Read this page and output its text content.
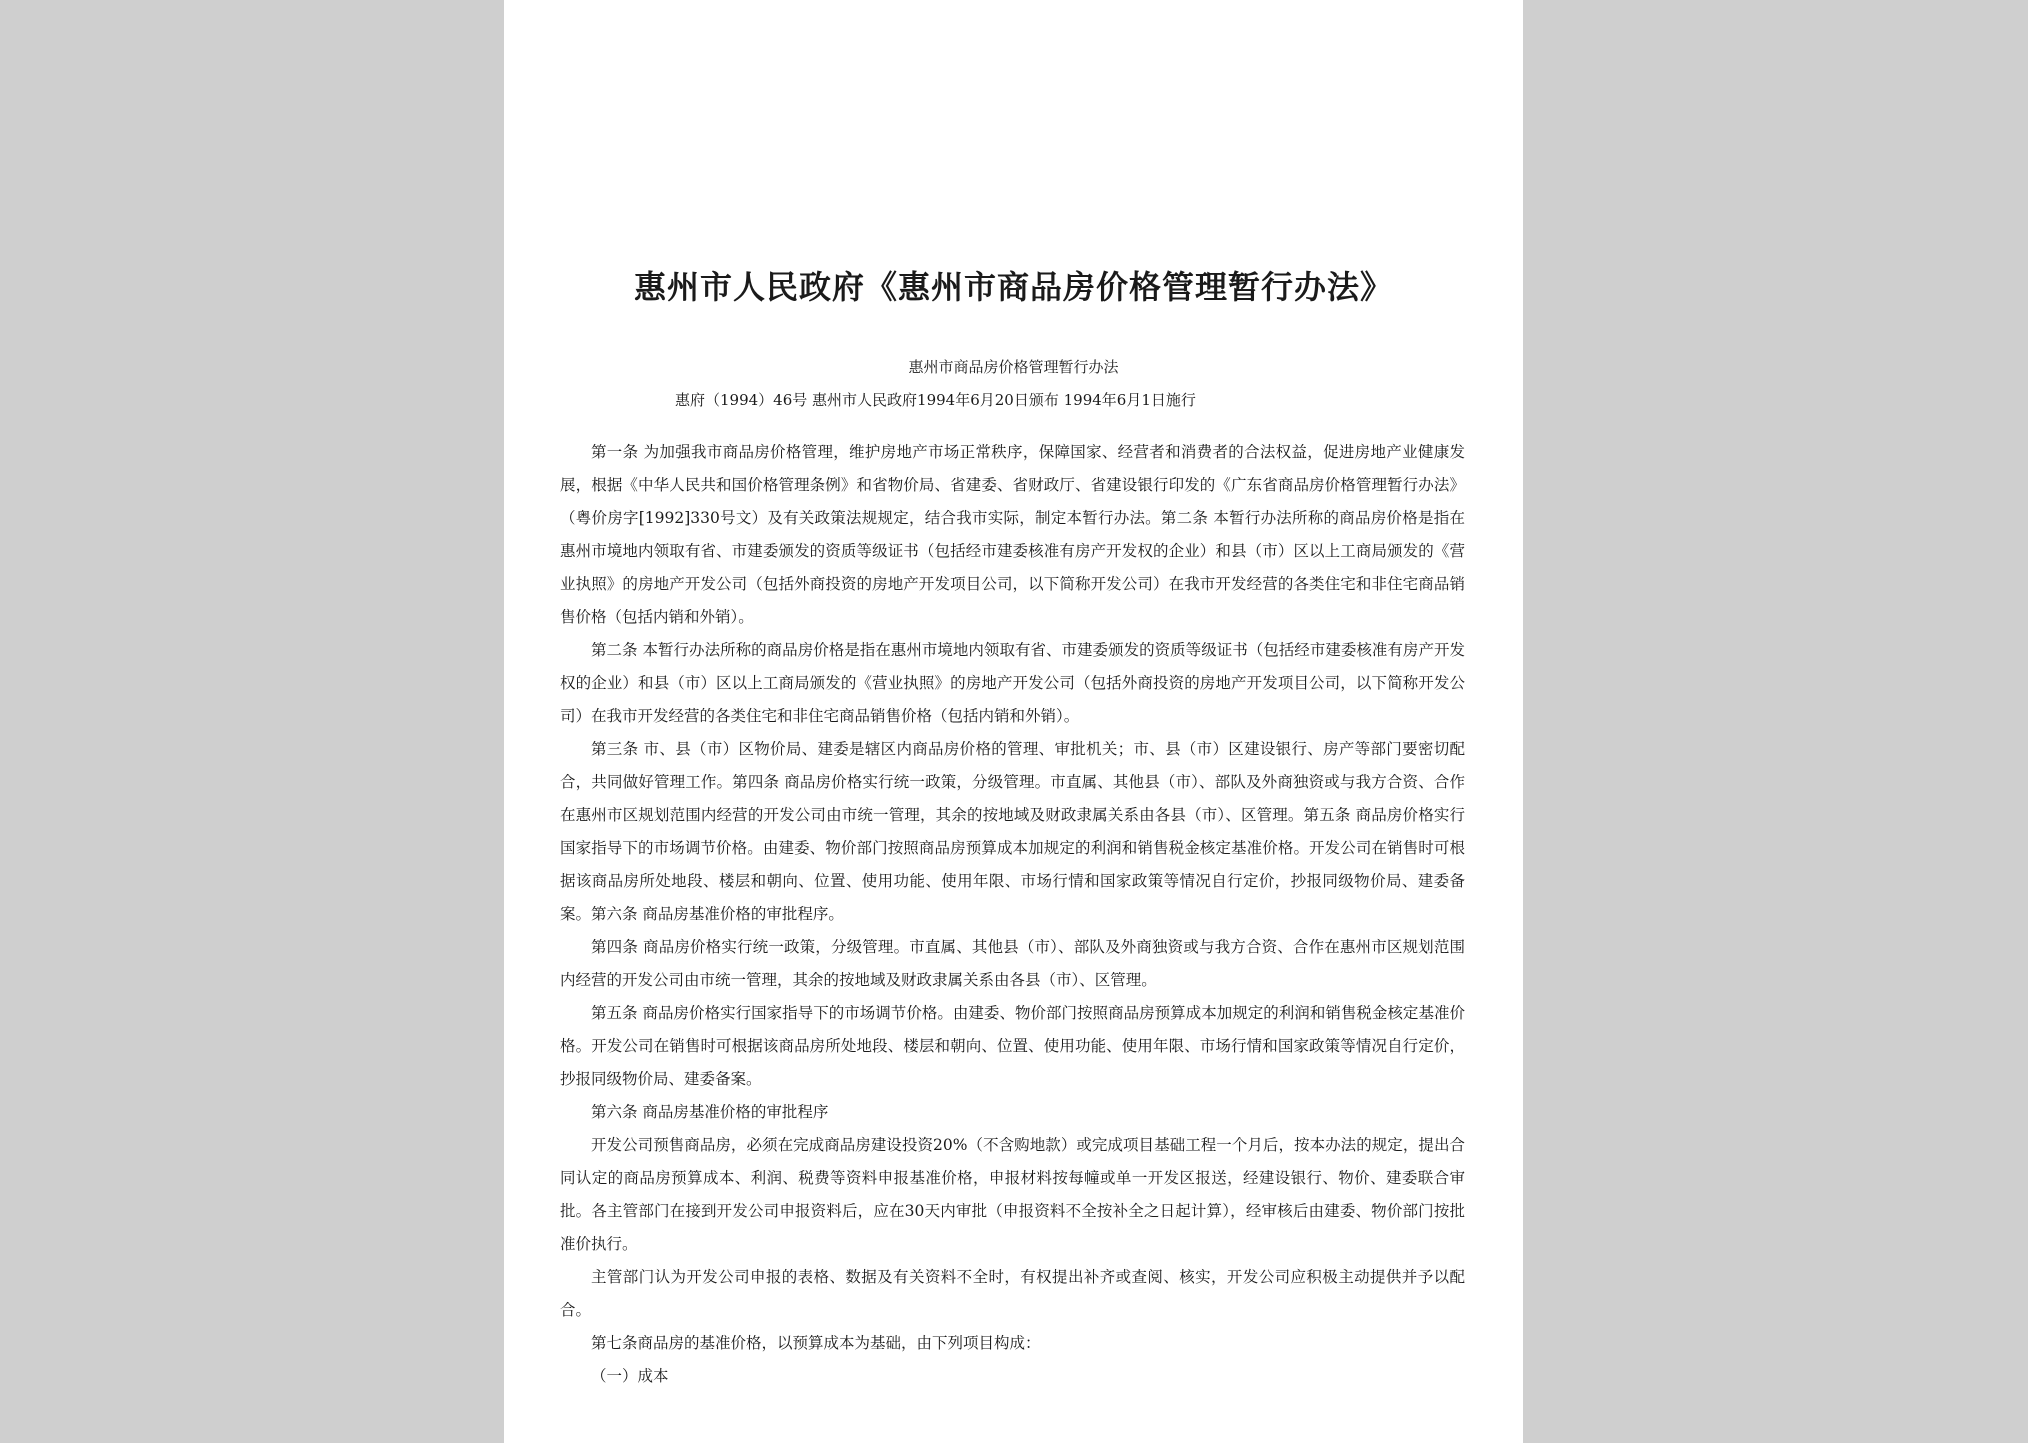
惠州市人民政府《惠州市商品房价格管理暂行办法》

惠州市商品房价格管理暂行办法

惠府（1994）46号 惠州市人民政府1994年6月20日颁布 1994年6月1日施行

第一条 为加强我市商品房价格管理，维护房地产市场正常秩序，保障国家、经营者和消费者的合法权益，促进房地产业健康发展，根据《中华人民共和国价格管理条例》和省物价局、省建委、省财政厅、省建设银行印发的《广东省商品房价格管理暂行办法》（粤价房字[1992]330号文）及有关政策法规规定，结合我市实际，制定本暂行办法。第二条 本暂行办法所称的商品房价格是指在惠州市境地内领取有省、市建委颁发的资质等级证书（包括经市建委核准有房产开发权的企业）和县（市）区以上工商局颁发的《营业执照》的房地产开发公司（包括外商投资的房地产开发项目公司，以下简称开发公司）在我市开发经营的各类住宅和非住宅商品销售价格（包括内销和外销）。

第二条 本暂行办法所称的商品房价格是指在惠州市境地内领取有省、市建委颁发的资质等级证书（包括经市建委核准有房产开发权的企业）和县（市）区以上工商局颁发的《营业执照》的房地产开发公司（包括外商投资的房地产开发项目公司，以下简称开发公司）在我市开发经营的各类住宅和非住宅商品销售价格（包括内销和外销）。

第三条 市、县（市）区物价局、建委是辖区内商品房价格的管理、审批机关；市、县（市）区建设银行、房产等部门要密切配合，共同做好管理工作。第四条 商品房价格实行统一政策，分级管理。市直属、其他县（市）、部队及外商独资或与我方合资、合作在惠州市区规划范围内经营的开发公司由市统一管理，其余的按地域及财政隶属关系由各县（市）、区管理。第五条 商品房价格实行国家指导下的市场调节价格。由建委、物价部门按照商品房预算成本加规定的利润和销售税金核定基准价格。开发公司在销售时可根据该商品房所处地段、楼层和朝向、位置、使用功能、使用年限、市场行情和国家政策等情况自行定价，抄报同级物价局、建委备案。第六条 商品房基准价格的审批程序。

第四条 商品房价格实行统一政策，分级管理。市直属、其他县（市）、部队及外商独资或与我方合资、合作在惠州市区规划范围内经营的开发公司由市统一管理，其余的按地域及财政隶属关系由各县（市）、区管理。

第五条 商品房价格实行国家指导下的市场调节价格。由建委、物价部门按照商品房预算成本加规定的利润和销售税金核定基准价格。开发公司在销售时可根据该商品房所处地段、楼层和朝向、位置、使用功能、使用年限、市场行情和国家政策等情况自行定价，抄报同级物价局、建委备案。

第六条 商品房基准价格的审批程序

开发公司预售商品房，必须在完成商品房建设投资20%（不含购地款）或完成项目基础工程一个月后，按本办法的规定，提出合同认定的商品房预算成本、利润、税费等资料申报基准价格，申报材料按每幢或单一开发区报送，经建设银行、物价、建委联合审批。各主管部门在接到开发公司申报资料后，应在30天内审批（申报资料不全按补全之日起计算），经审核后由建委、物价部门按批准价执行。

主管部门认为开发公司申报的表格、数据及有关资料不全时，有权提出补齐或查阅、核实，开发公司应积极主动提供并予以配合。

第七条商品房的基准价格，以预算成本为基础，由下列项目构成：

（一）成本
